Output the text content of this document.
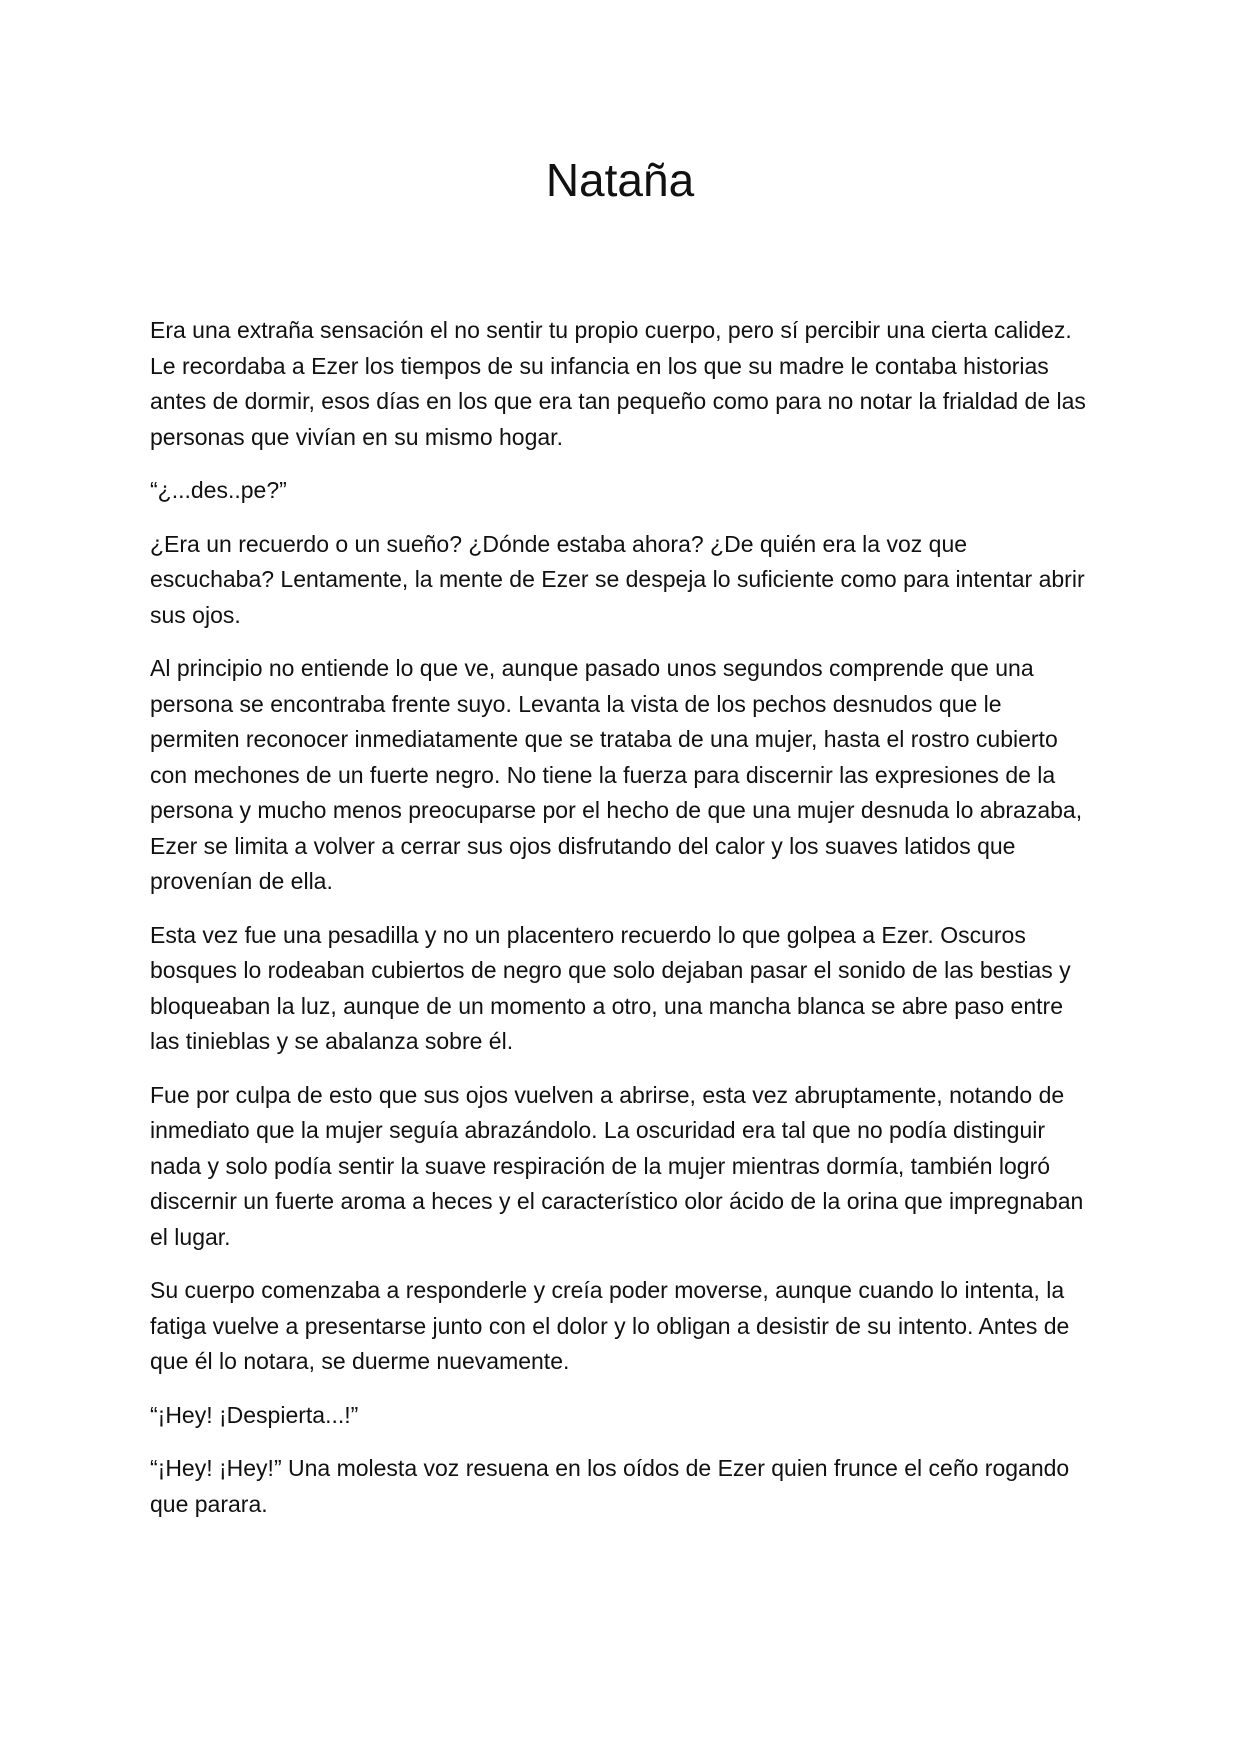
Nataña

Era una extraña sensación el no sentir tu propio cuerpo, pero sí percibir una cierta calidez. Le recordaba a Ezer los tiempos de su infancia en los que su madre le contaba historias antes de dormir, esos días en los que era tan pequeño como para no notar la frialdad de las personas que vivían en su mismo hogar.

“¿...des..pe?”

¿Era un recuerdo o un sueño? ¿Dónde estaba ahora? ¿De quién era la voz que escuchaba? Lentamente, la mente de Ezer se despeja lo suficiente como para intentar abrir sus ojos.

Al principio no entiende lo que ve, aunque pasado unos segundos comprende que una persona se encontraba frente suyo. Levanta la vista de los pechos desnudos que le permiten reconocer inmediatamente que se trataba de una mujer, hasta el rostro cubierto con mechones de un fuerte negro. No tiene la fuerza para discernir las expresiones de la persona y mucho menos preocuparse por el hecho de que una mujer desnuda lo abrazaba, Ezer se limita a volver a cerrar sus ojos disfrutando del calor y los suaves latidos que provenían de ella.

Esta vez fue una pesadilla y no un placentero recuerdo lo que golpea a Ezer. Oscuros bosques lo rodeaban cubiertos de negro que solo dejaban pasar el sonido de las bestias y bloqueaban la luz, aunque de un momento a otro, una mancha blanca se abre paso entre las tinieblas y se abalanza sobre él.

Fue por culpa de esto que sus ojos vuelven a abrirse, esta vez abruptamente, notando de inmediato que la mujer seguía abrazándolo. La oscuridad era tal que no podía distinguir nada y solo podía sentir la suave respiración de la mujer mientras dormía, también logró discernir un fuerte aroma a heces y el característico olor ácido de la orina que impregnaban el lugar.

Su cuerpo comenzaba a responderle y creía poder moverse, aunque cuando lo intenta, la fatiga vuelve a presentarse junto con el dolor y lo obligan a desistir de su intento. Antes de que él lo notara, se duerme nuevamente.

“¡Hey! ¡Despierta...!”

“¡Hey! ¡Hey!” Una molesta voz resuena en los oídos de Ezer quien frunce el ceño rogando que parara.
